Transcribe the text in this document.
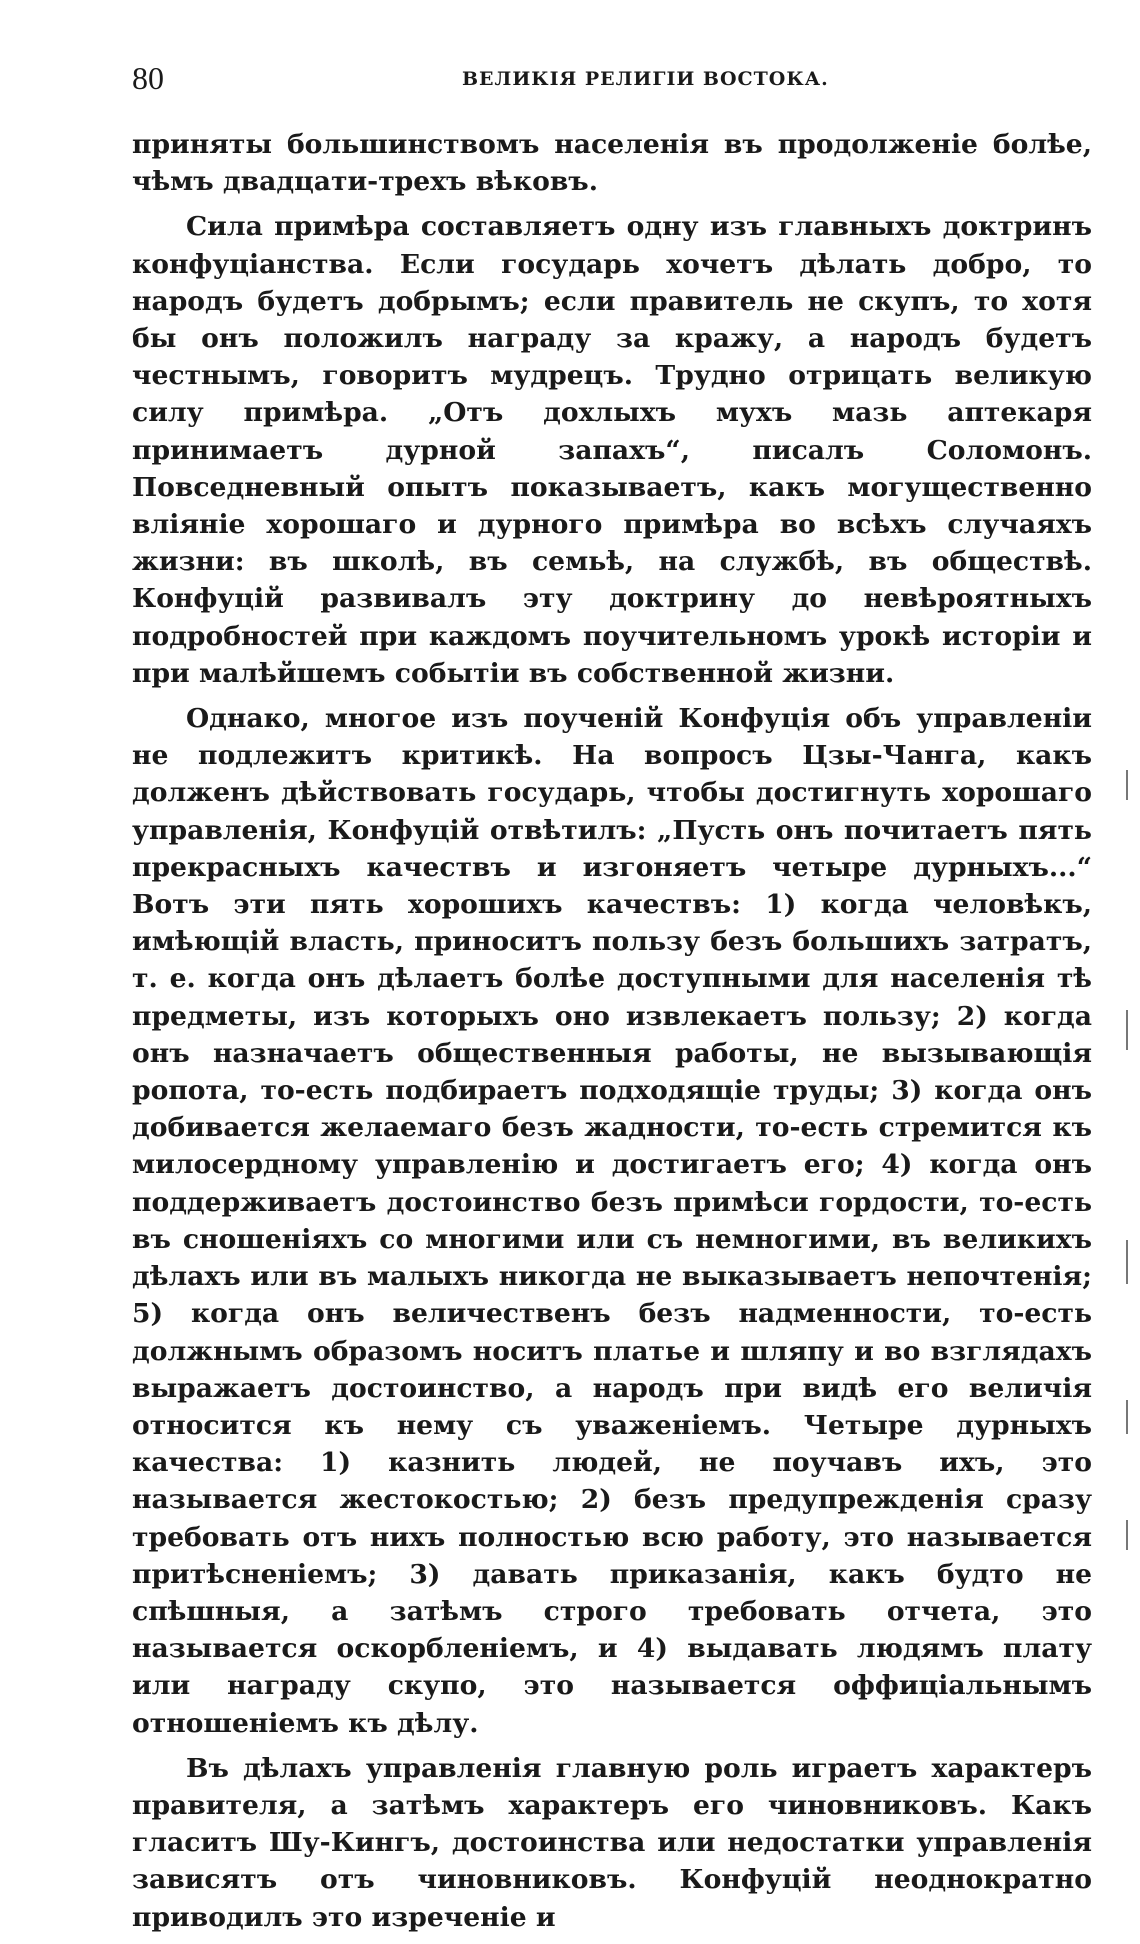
80	ВЕЛИКІЯ РЕЛИГІИ ВОСТОКА.

приняты большинствомъ населенія въ продолженіе болѣе, чѣмъ двадцати-трехъ вѣковъ.

Сила примѣра составляетъ одну изъ главныхъ доктринъ конфуціанства. Если государь хочетъ дѣлать добро, то народъ будетъ добрымъ; если правитель не скупъ, то хотя бы онъ положилъ награду за кражу, а народъ будетъ честнымъ, говоритъ мудрецъ. Трудно отрицать великую силу примѣра. „Отъ дохлыхъ мухъ мазь аптекаря принимаетъ дурной запахъ“, писалъ Соломонъ. Повседневный опытъ показываетъ, какъ могущественно вліяніе хорошаго и дурного примѣра во всѣхъ случаяхъ жизни: въ школѣ, въ семьѣ, на службѣ, въ обществѣ. Конфуцій развивалъ эту доктрину до невѣроятныхъ подробностей при каждомъ поучительномъ урокѣ исторіи и при малѣйшемъ событіи въ собственной жизни.

Однако, многое изъ поученій Конфуція объ управленіи не подлежитъ критикѣ. На вопросъ Цзы-Чанга, какъ долженъ дѣйствовать государь, чтобы достигнуть хорошаго управленія, Конфуцій отвѣтилъ: „Пусть онъ почитаетъ пять прекрасныхъ качествъ и изгоняетъ четыре дурныхъ...“ Вотъ эти пять хорошихъ качествъ: 1) когда человѣкъ, имѣющій власть, приноситъ пользу безъ большихъ затратъ, т. е. когда онъ дѣлаетъ болѣе доступными для населенія тѣ предметы, изъ которыхъ оно извлекаетъ пользу; 2) когда онъ назначаетъ общественныя работы, не вызывающія ропота, то-есть подбираетъ подходящіе труды; 3) когда онъ добивается желаемаго безъ жадности, то-есть стремится къ милосердному управленію и достигаетъ его; 4) когда онъ поддерживаетъ достоинство безъ примѣси гордости, то-есть въ сношеніяхъ со многими или съ немногими, въ великихъ дѣлахъ или въ малыхъ никогда не выказываетъ непочтенія; 5) когда онъ величественъ безъ надменности, то-есть должнымъ образомъ носитъ платье и шляпу и во взглядахъ выражаетъ достоинство, а народъ при видѣ его величія относится къ нему съ уваженіемъ. Четыре дурныхъ качества: 1) казнить людей, не поучавъ ихъ, это называется жестокостью; 2) безъ предупрежденія сразу требовать отъ нихъ полностью всю работу, это называется притѣсненіемъ; 3) давать приказанія, какъ будто не спѣшныя, а затѣмъ строго требовать отчета, это называется оскорбленіемъ, и 4) выдавать людямъ плату или награду скупо, это называется оффиціальнымъ отношеніемъ къ дѣлу.

Въ дѣлахъ управленія главную роль играетъ характеръ правителя, а затѣмъ характеръ его чиновниковъ. Какъ гласитъ Шу-Кингъ, достоинства или недостатки управленія зависятъ отъ чиновниковъ. Конфуцій неоднократно приводилъ это изреченіе и
